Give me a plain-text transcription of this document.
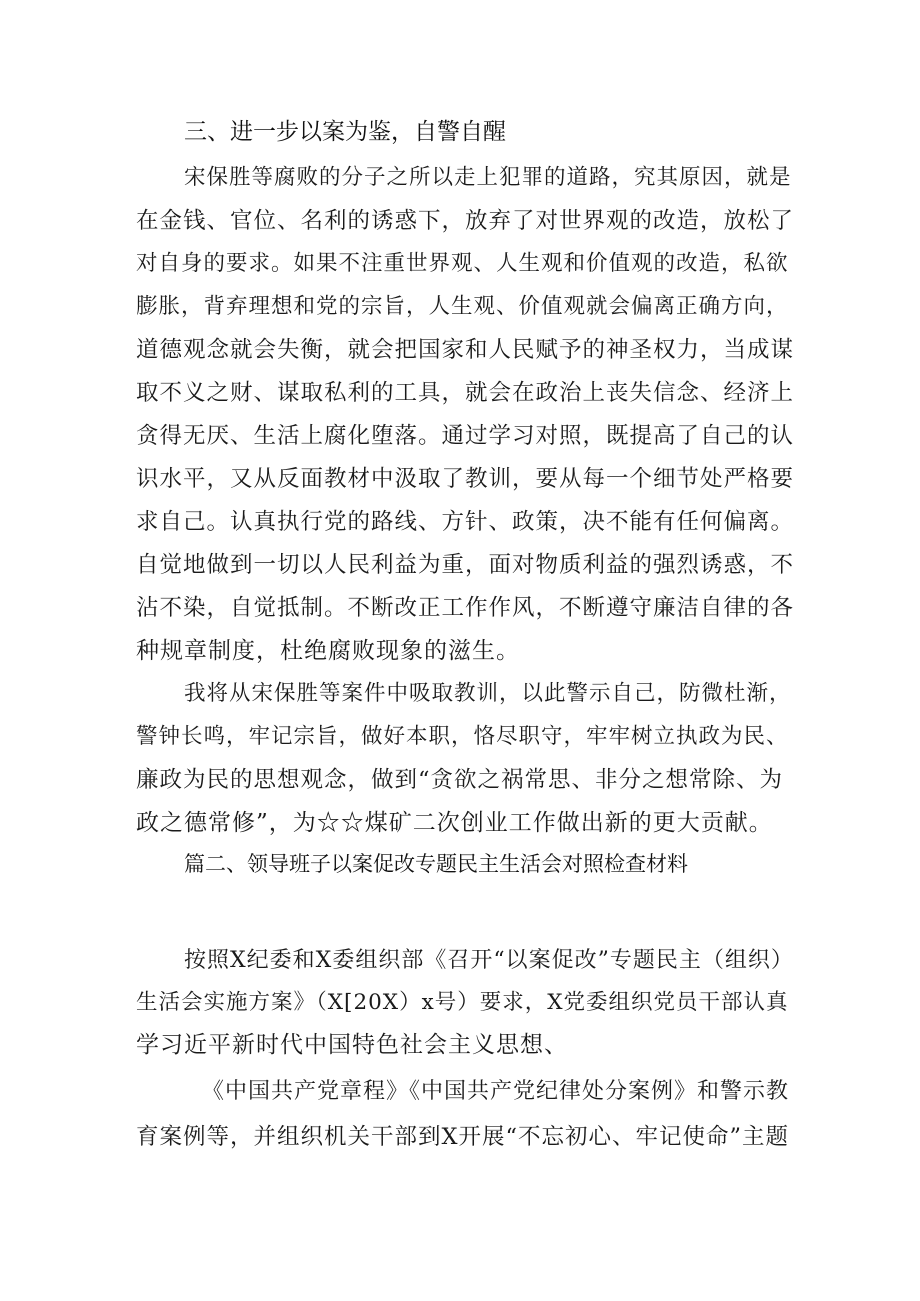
三、进一步以案为鉴，自警自醒
宋保胜等腐败的分子之所以走上犯罪的道路，究其原因，就是
在金钱、官位、名利的诱惑下，放弃了对世界观的改造，放松了
对自身的要求。如果不注重世界观、人生观和价值观的改造，私欲
膨胀，背弃理想和党的宗旨，人生观、价值观就会偏离正确方向，
道德观念就会失衡，就会把国家和人民赋予的神圣权力，当成谋
取不义之财、谋取私利的工具，就会在政治上丧失信念、经济上
贪得无厌、生活上腐化堕落。通过学习对照，既提高了自己的认
识水平，又从反面教材中汲取了教训，要从每一个细节处严格要
求自己。认真执行党的路线、方针、政策，决不能有任何偏离。
自觉地做到一切以人民利益为重，面对物质利益的强烈诱惑，不
沾不染，自觉抵制。不断改正工作作风，不断遵守廉洁自律的各
种规章制度，杜绝腐败现象的滋生。
我将从宋保胜等案件中吸取教训，以此警示自己，防微杜渐，
警钟长鸣，牢记宗旨，做好本职，恪尽职守，牢牢树立执政为民、
廉政为民的思想观念，做到“贪欲之祸常思、非分之想常除、为
政之德常修”，为☆☆煤矿二次创业工作做出新的更大贡献。
篇二、领导班子以案促改专题民主生活会对照检查材料
按照X纪委和X委组织部《召开“以案促改”专题民主（组织）
生活会实施方案》（X[20X）x号）要求，X党委组织党员干部认真
学习近平新时代中国特色社会主义思想、
《中国共产党章程》《中国共产党纪律处分案例》和警示教
育案例等，并组织机关干部到X开展“不忘初心、牢记使命”主题
